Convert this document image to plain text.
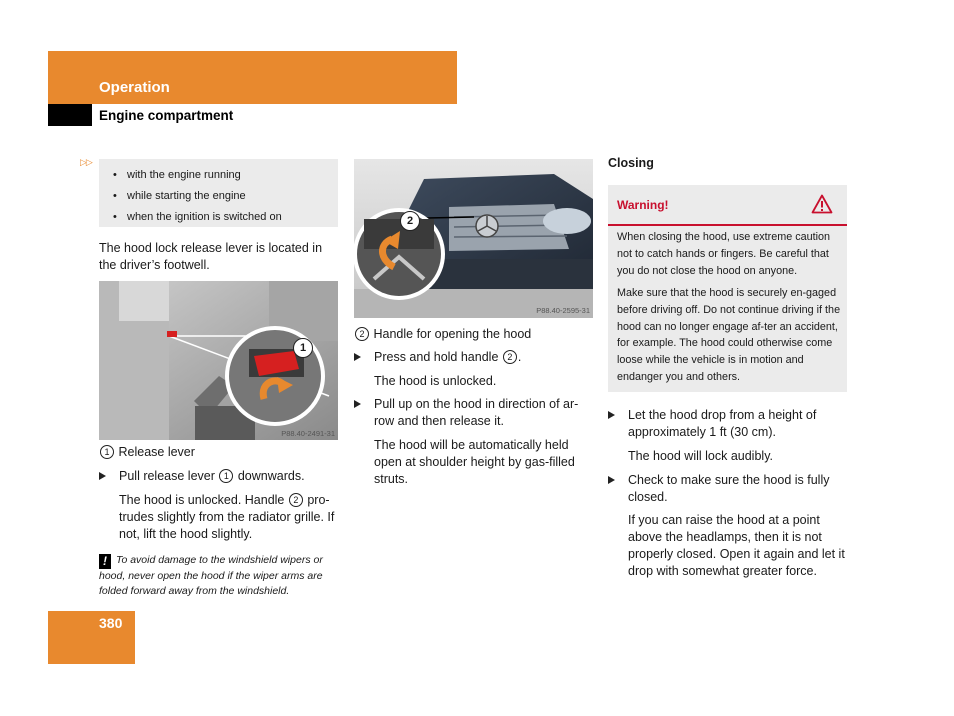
Operation
Engine compartment
▷▷
• with the engine running
• while starting the engine
• when the ignition is switched on
The hood lock release lever is located in the driver’s footwell.
1
P88.40-2491-31
1 Release lever
Pull release lever 1 downwards.
The hood is unlocked. Handle 2 pro-trudes slightly from the radiator grille. If not, lift the hood slightly.
! To avoid damage to the windshield wipers or hood, never open the hood if the wiper arms are folded forward away from the windshield.
2
P88.40-2595-31
2 Handle for opening the hood
Press and hold handle 2 .
The hood is unlocked.
Pull up on the hood in direction of ar-row and then release it.
The hood will be automatically held open at shoulder height by gas-filled struts.
Closing
Warning!
When closing the hood, use extreme caution not to catch hands or fingers. Be careful that you do not close the hood on anyone.
Make sure that the hood is securely en-gaged before driving off. Do not continue driving if the hood can no longer engage af-ter an accident, for example. The hood could otherwise come loose while the vehicle is in motion and endanger you and others.
Let the hood drop from a height of approximately 1 ft (30 cm).
The hood will lock audibly.
Check to make sure the hood is fully closed.
If you can raise the hood at a point above the headlamps, then it is not properly closed. Open it again and let it drop with somewhat greater force.
380
